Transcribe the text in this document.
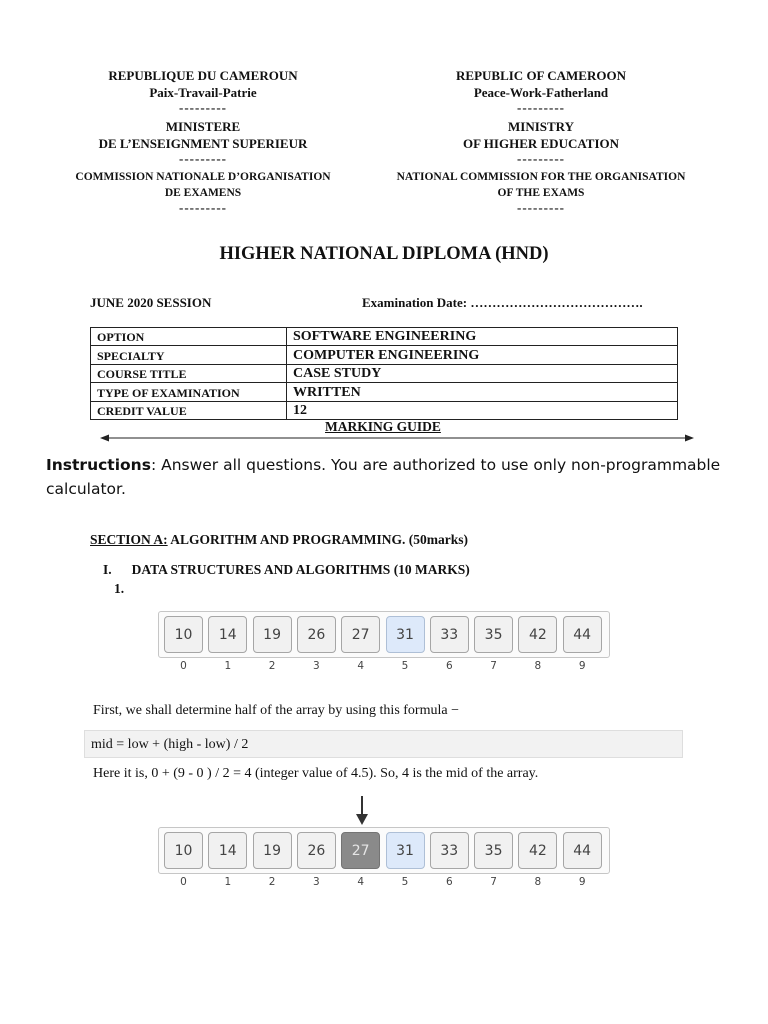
REPUBLIQUE DU CAMEROUN
Paix-Travail-Patrie
---------
MINISTERE
DE L’ENSEIGNMENT SUPERIEUR
---------
COMMISSION NATIONALE D’ORGANISATION
DE EXAMENS
---------
REPUBLIC OF CAMEROON
Peace-Work-Fatherland
---------
MINISTRY
OF HIGHER EDUCATION
---------
NATIONAL COMMISSION FOR THE ORGANISATION
OF THE EXAMS
---------
HIGHER NATIONAL DIPLOMA (HND)
JUNE 2020 SESSION	Examination Date: ………………………………….
OPTION	SOFTWARE ENGINEERING
SPECIALTY	COMPUTER ENGINEERING
COURSE TITLE	CASE STUDY
TYPE OF EXAMINATION	WRITTEN
CREDIT VALUE	12
MARKING GUIDE
Instructions: Answer all questions. You are authorized to use only non-programmable calculator.
SECTION A: ALGORITHM AND PROGRAMMING. (50marks)
I. DATA STRUCTURES AND ALGORITHMS (10 MARKS)
1.
10	14	19	26	27	31	33	35	42	44
0	1	2	3	4	5	6	7	8	9
First, we shall determine half of the array by using this formula −
mid = low + (high - low) / 2
Here it is, 0 + (9 - 0 ) / 2 = 4 (integer value of 4.5). So, 4 is the mid of the array.
10	14	19	26	27	31	33	35	42	44
0	1	2	3	4	5	6	7	8	9
